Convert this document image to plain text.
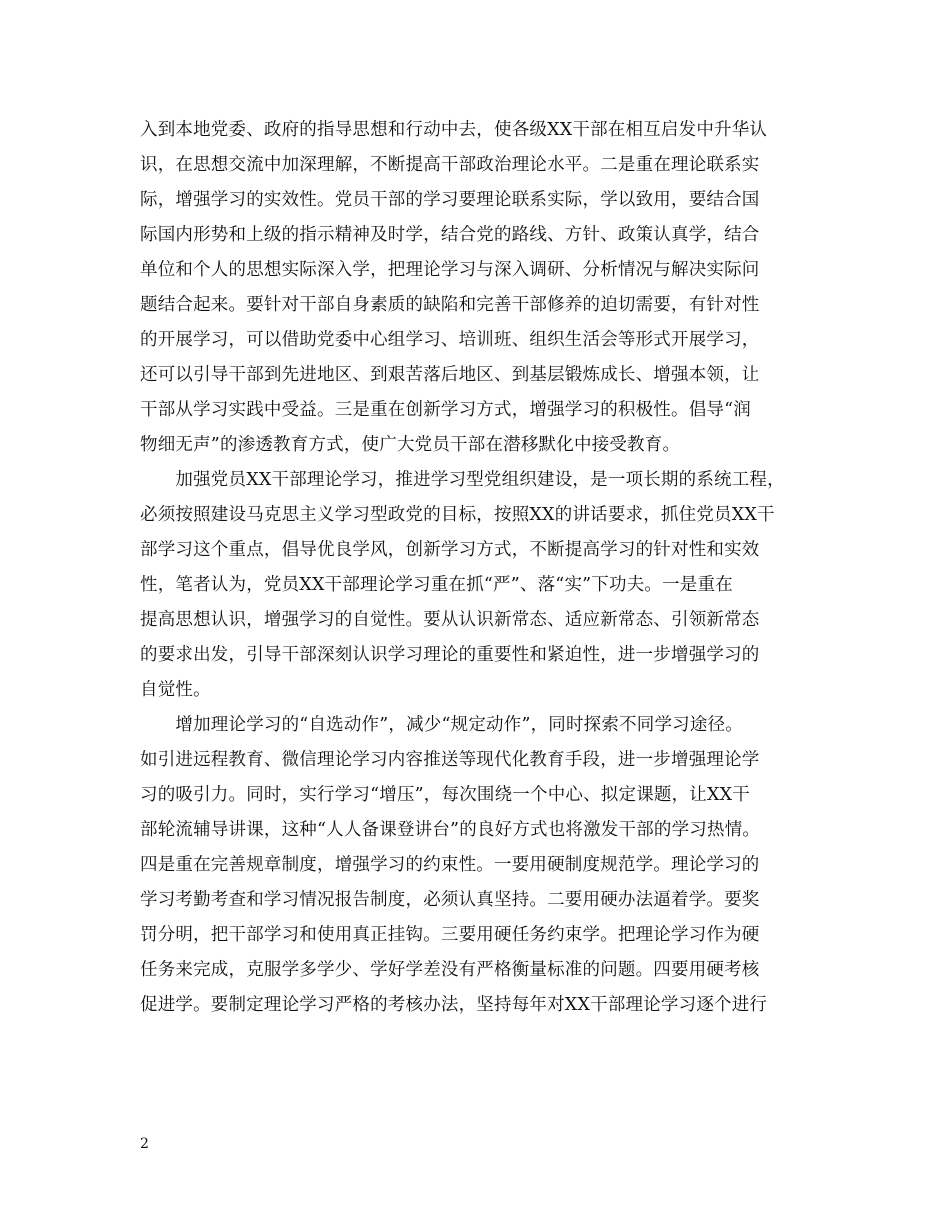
入到本地党委、政府的指导思想和行动中去，使各级XX干部在相互启发中升华认
识，在思想交流中加深理解，不断提高干部政治理论水平。二是重在理论联系实
际，增强学习的实效性。党员干部的学习要理论联系实际，学以致用，要结合国
际国内形势和上级的指示精神及时学，结合党的路线、方针、政策认真学，结合
单位和个人的思想实际深入学，把理论学习与深入调研、分析情况与解决实际问
题结合起来。要针对干部自身素质的缺陷和完善干部修养的迫切需要，有针对性
的开展学习，可以借助党委中心组学习、培训班、组织生活会等形式开展学习，
还可以引导干部到先进地区、到艰苦落后地区、到基层锻炼成长、增强本领，让
干部从学习实践中受益。三是重在创新学习方式，增强学习的积极性。倡导“润
物细无声”的渗透教育方式，使广大党员干部在潜移默化中接受教育。

　　加强党员XX干部理论学习，推进学习型党组织建设，是一项长期的系统工程，
必须按照建设马克思主义学习型政党的目标，按照XX的讲话要求，抓住党员XX干
部学习这个重点，倡导优良学风，创新学习方式，不断提高学习的针对性和实效
性，笔者认为，党员XX干部理论学习重在抓“严”、落“实”下功夫。一是重在
提高思想认识，增强学习的自觉性。要从认识新常态、适应新常态、引领新常态
的要求出发，引导干部深刻认识学习理论的重要性和紧迫性，进一步增强学习的
自觉性。

　　增加理论学习的“自选动作”，减少“规定动作”，同时探索不同学习途径。
如引进远程教育、微信理论学习内容推送等现代化教育手段，进一步增强理论学
习的吸引力。同时，实行学习“增压”，每次围绕一个中心、拟定课题，让XX干
部轮流辅导讲课，这种“人人备课登讲台”的良好方式也将激发干部的学习热情。
四是重在完善规章制度，增强学习的约束性。一要用硬制度规范学。理论学习的
学习考勤考查和学习情况报告制度，必须认真坚持。二要用硬办法逼着学。要奖
罚分明，把干部学习和使用真正挂钩。三要用硬任务约束学。把理论学习作为硬
任务来完成，克服学多学少、学好学差没有严格衡量标准的问题。四要用硬考核
促进学。要制定理论学习严格的考核办法，坚持每年对XX干部理论学习逐个进行

2
